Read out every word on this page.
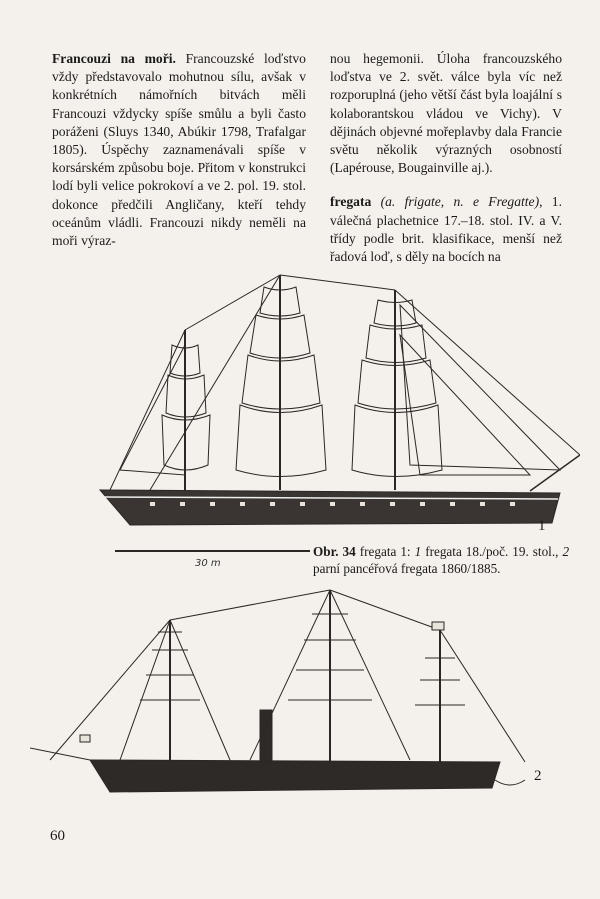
Francouzi na moři. Francouzské loďstvo vždy představovalo mohutnou sílu, avšak v konkrétních námořních bitvách měli Francouzi vždycky spíše smůlu a byli často poráženi (Sluys 1340, Abúkir 1798, Trafalgar 1805). Úspěchy zaznamenávali spíše v korsárském způsobu boje. Přitom v konstrukci lodí byli velice pokrokoví a ve 2. pol. 19. stol. dokonce předčili Angličany, kteří tehdy oceánům vládli. Francouzi nikdy neměli na moři výraz-

nou hegemonii. Úloha francouzského loďstva ve 2. svět. válce byla víc než rozporuplná (jeho větší část byla loajální s kolaborantskou vládou ve Vichy). V dějinách objevné mořeplavby dala Francie světu několik výrazných osobností (Lapérouse, Bougainville aj.).

fregata (a. frigate, n. e Fregatte), 1. válečná plachetnice 17.–18. stol. IV. a V. třídy podle brit. klasifikace, menší než řadová loď, s děly na bocích na

30 m
1
Obr. 34 fregata 1: 1 fregata 18./poč. 19. stol., 2 parní pancéřová fregata 1860/1885.
2
60
